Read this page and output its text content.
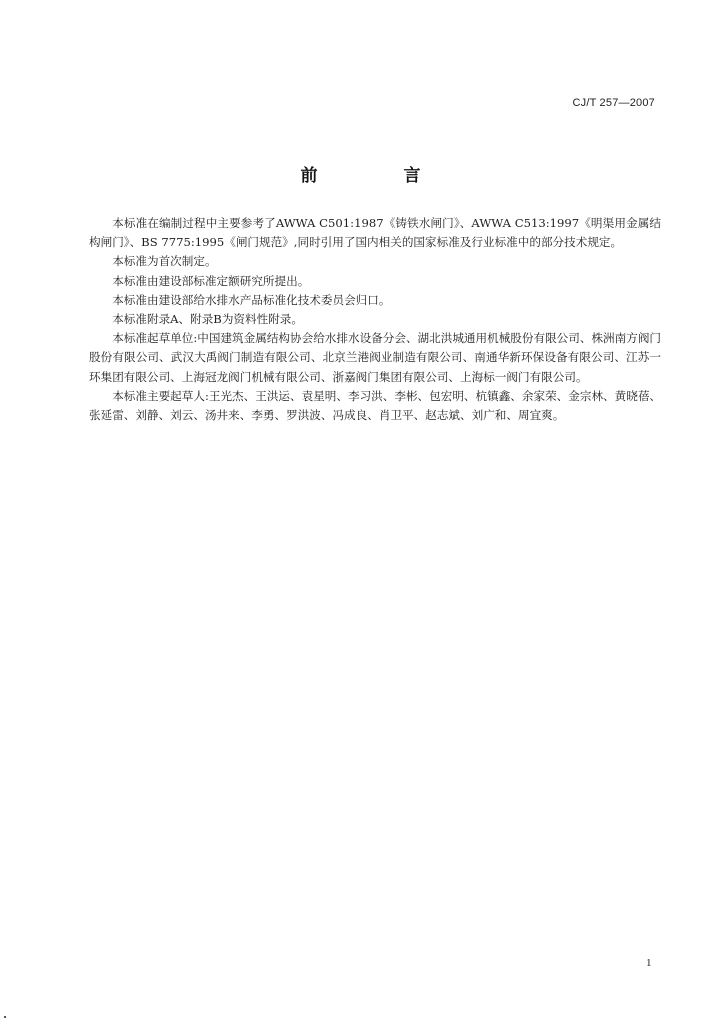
CJ/T 257—2007
前 言

本标准在编制过程中主要参考了AWWA C501:1987《铸铁水闸门》、AWWA C513:1997《明渠用金属结构闸门》、BS 7775:1995《闸门规范》,同时引用了国内相关的国家标准及行业标准中的部分技术规定。

本标准为首次制定。

本标准由建设部标准定额研究所提出。

本标准由建设部给水排水产品标准化技术委员会归口。

本标准附录A、附录B为资料性附录。

本标准起草单位:中国建筑金属结构协会给水排水设备分会、湖北洪城通用机械股份有限公司、株洲南方阀门股份有限公司、武汉大禹阀门制造有限公司、北京兰港阀业制造有限公司、南通华新环保设备有限公司、江苏一环集团有限公司、上海冠龙阀门机械有限公司、浙嘉阀门集团有限公司、上海标一阀门有限公司。

本标准主要起草人:王光杰、王洪运、袁星明、李习洪、李彬、包宏明、杭镇鑫、余家荣、金宗林、黄晓蓓、张延雷、刘静、刘云、汤井来、李勇、罗洪波、冯成良、肖卫平、赵志斌、刘广和、周宜爽。

1
